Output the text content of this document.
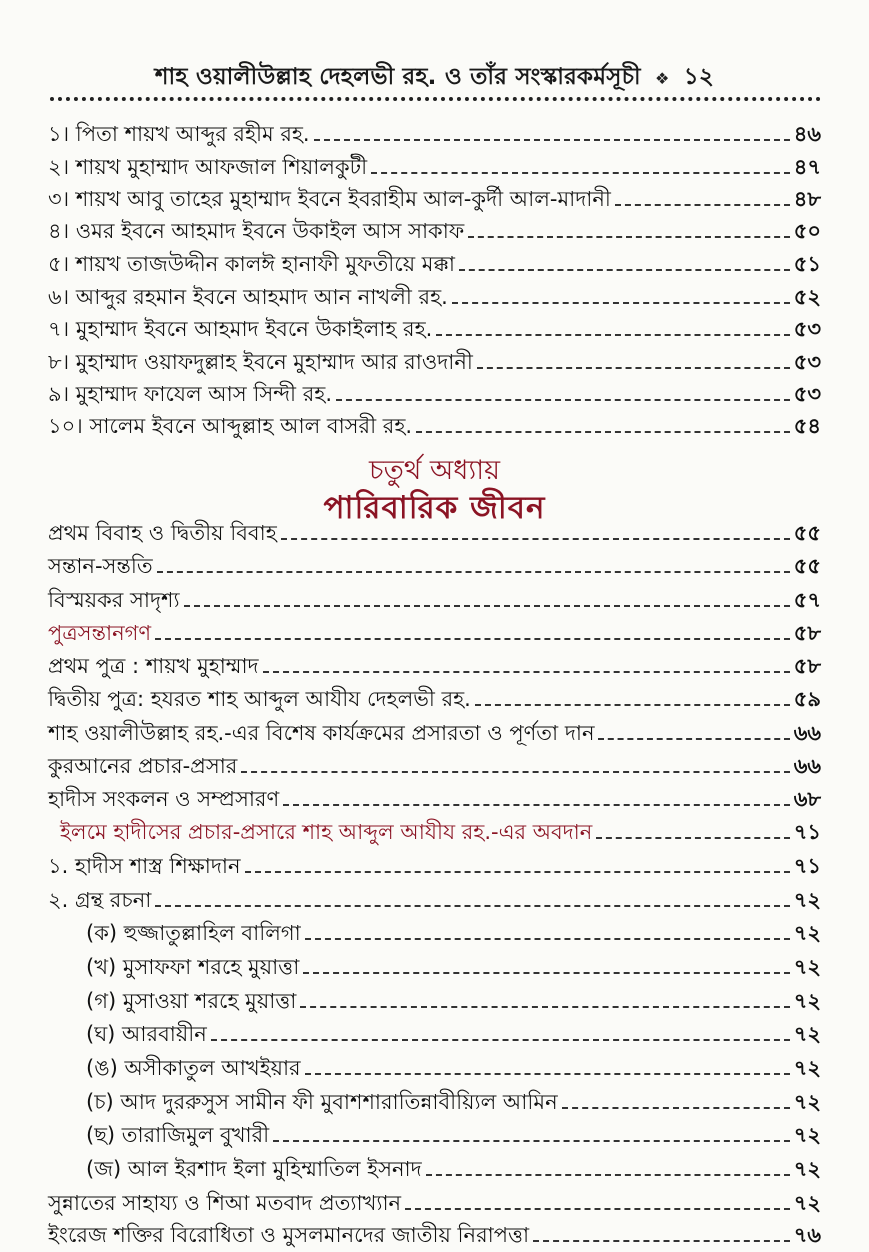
শাহ ওয়ালীউল্লাহ দেহলভী রহ. ও তাঁর সংস্কারকর্মসূচী ❖ ১২
১। পিতা শায়খ আব্দুর রহীম রহ.	৪৬
২। শায়খ মুহাম্মাদ আফজাল শিয়ালকুটী	৪৭
৩। শায়খ আবু তাহের মুহাম্মাদ ইবনে ইবরাহীম আল-কুর্দী আল-মাদানী	৪৮
৪। ওমর ইবনে আহমাদ ইবনে উকাইল আস সাকাফ	৫০
৫। শায়খ তাজউদ্দীন কালঈ হানাফী মুফতীয়ে মক্কা	৫১
৬। আব্দুর রহমান ইবনে আহমাদ আন নাখলী রহ.	৫২
৭। মুহাম্মাদ ইবনে আহমাদ ইবনে উকাইলাহ রহ.	৫৩
৮। মুহাম্মাদ ওয়াফদুল্লাহ ইবনে মুহাম্মাদ আর রাওদানী	৫৩
৯। মুহাম্মাদ ফাযেল আস সিন্দী রহ.	৫৩
১০। সালেম ইবনে আব্দুল্লাহ আল বাসরী রহ.	৫৪
চতুর্থ অধ্যায়
পারিবারিক জীবন
প্রথম বিবাহ ও দ্বিতীয় বিবাহ	৫৫
সন্তান-সন্ততি	৫৫
বিস্ময়কর সাদৃশ্য	৫৭
পুত্রসন্তানগণ	৫৮
প্রথম পুত্র : শায়খ মুহাম্মাদ	৫৮
দ্বিতীয় পুত্র: হযরত শাহ আব্দুল আযীয দেহলভী রহ.	৫৯
শাহ ওয়ালীউল্লাহ রহ.-এর বিশেষ কার্যক্রমের প্রসারতা ও পূর্ণতা দান	৬৬
কুরআনের প্রচার-প্রসার	৬৬
হাদীস সংকলন ও সম্প্রসারণ	৬৮
ইলমে হাদীসের প্রচার-প্রসারে শাহ আব্দুল আযীয রহ.-এর অবদান	৭১
১. হাদীস শাস্ত্র শিক্ষাদান	৭১
২. গ্রন্থ রচনা	৭২
(ক) হুজ্জাতুল্লাহিল বালিগা	৭২
(খ) মুসাফফা শরহে মুয়াত্তা	৭২
(গ) মুসাওয়া শরহে মুয়াত্তা	৭২
(ঘ) আরবায়ীন	৭২
(ঙ) অসীকাতুল আখইয়ার	৭২
(চ) আদ দুররুসুস সামীন ফী মুবাশশারাতিন্নাবীয়্যিল আমিন	৭২
(ছ) তারাজিমুল বুখারী	৭২
(জ) আল ইরশাদ ইলা মুহিম্মাতিল ইসনাদ	৭২
সুন্নাতের সাহায্য ও শিআ মতবাদ প্রত্যাখ্যান	৭২
ইংরেজ শক্তির বিরোধিতা ও মুসলমানদের জাতীয় নিরাপত্তা	৭৬
